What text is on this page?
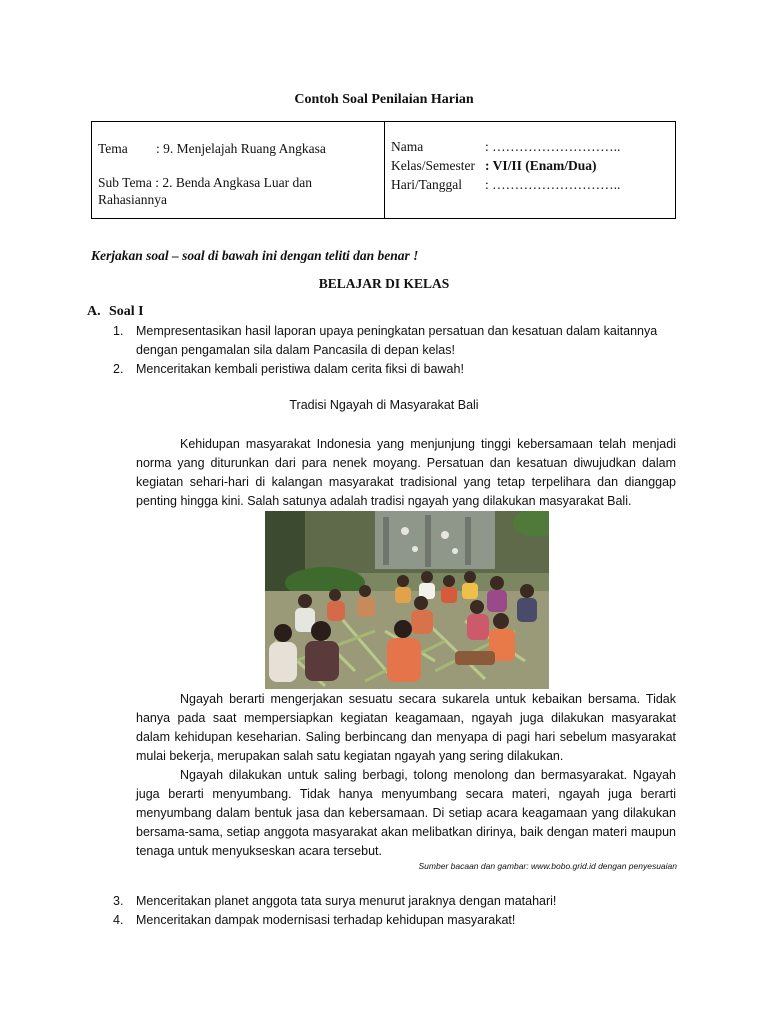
Contoh Soal Penilaian Harian
Tema : 9. Menjelajah Ruang Angkasa
Sub Tema : 2. Benda Angkasa Luar dan
Rahasiannya
Nama	: ………………………..
Kelas/Semester : VI/II (Enam/Dua)
Hari/Tanggal : ………………………..
Kerjakan soal – soal di bawah ini dengan teliti dan benar !
BELAJAR DI KELAS
A. Soal I
1. Mempresentasikan hasil laporan upaya peningkatan persatuan dan kesatuan dalam kaitannya
dengan pengamalan sila dalam Pancasila di depan kelas!
2. Menceritakan kembali peristiwa dalam cerita fiksi di bawah!
Tradisi Ngayah di Masyarakat Bali

Kehidupan masyarakat Indonesia yang menjunjung tinggi kebersamaan telah menjadi norma yang diturunkan dari para nenek moyang. Persatuan dan kesatuan diwujudkan dalam kegiatan sehari-hari di kalangan masyarakat tradisional yang tetap terpelihara dan dianggap penting hingga kini. Salah satunya adalah tradisi ngayah yang dilakukan masyarakat Bali.

Ngayah berarti mengerjakan sesuatu secara sukarela untuk kebaikan bersama. Tidak hanya pada saat mempersiapkan kegiatan keagamaan, ngayah juga dilakukan masyarakat dalam kehidupan keseharian. Saling berbincang dan menyapa di pagi hari sebelum masyarakat mulai bekerja, merupakan salah satu kegiatan ngayah yang sering dilakukan.

Ngayah dilakukan untuk saling berbagi, tolong menolong dan bermasyarakat. Ngayah juga berarti menyumbang. Tidak hanya menyumbang secara materi, ngayah juga berarti menyumbang dalam bentuk jasa dan kebersamaan. Di setiap acara keagamaan yang dilakukan bersama-sama, setiap anggota masyarakat akan melibatkan dirinya, baik dengan materi maupun tenaga untuk menyukseskan acara tersebut.

Sumber bacaan dan gambar: www.bobo.grid.id dengan penyesuaian
3. Menceritakan planet anggota tata surya menurut jaraknya dengan matahari!
4. Menceritakan dampak modernisasi terhadap kehidupan masyarakat!
